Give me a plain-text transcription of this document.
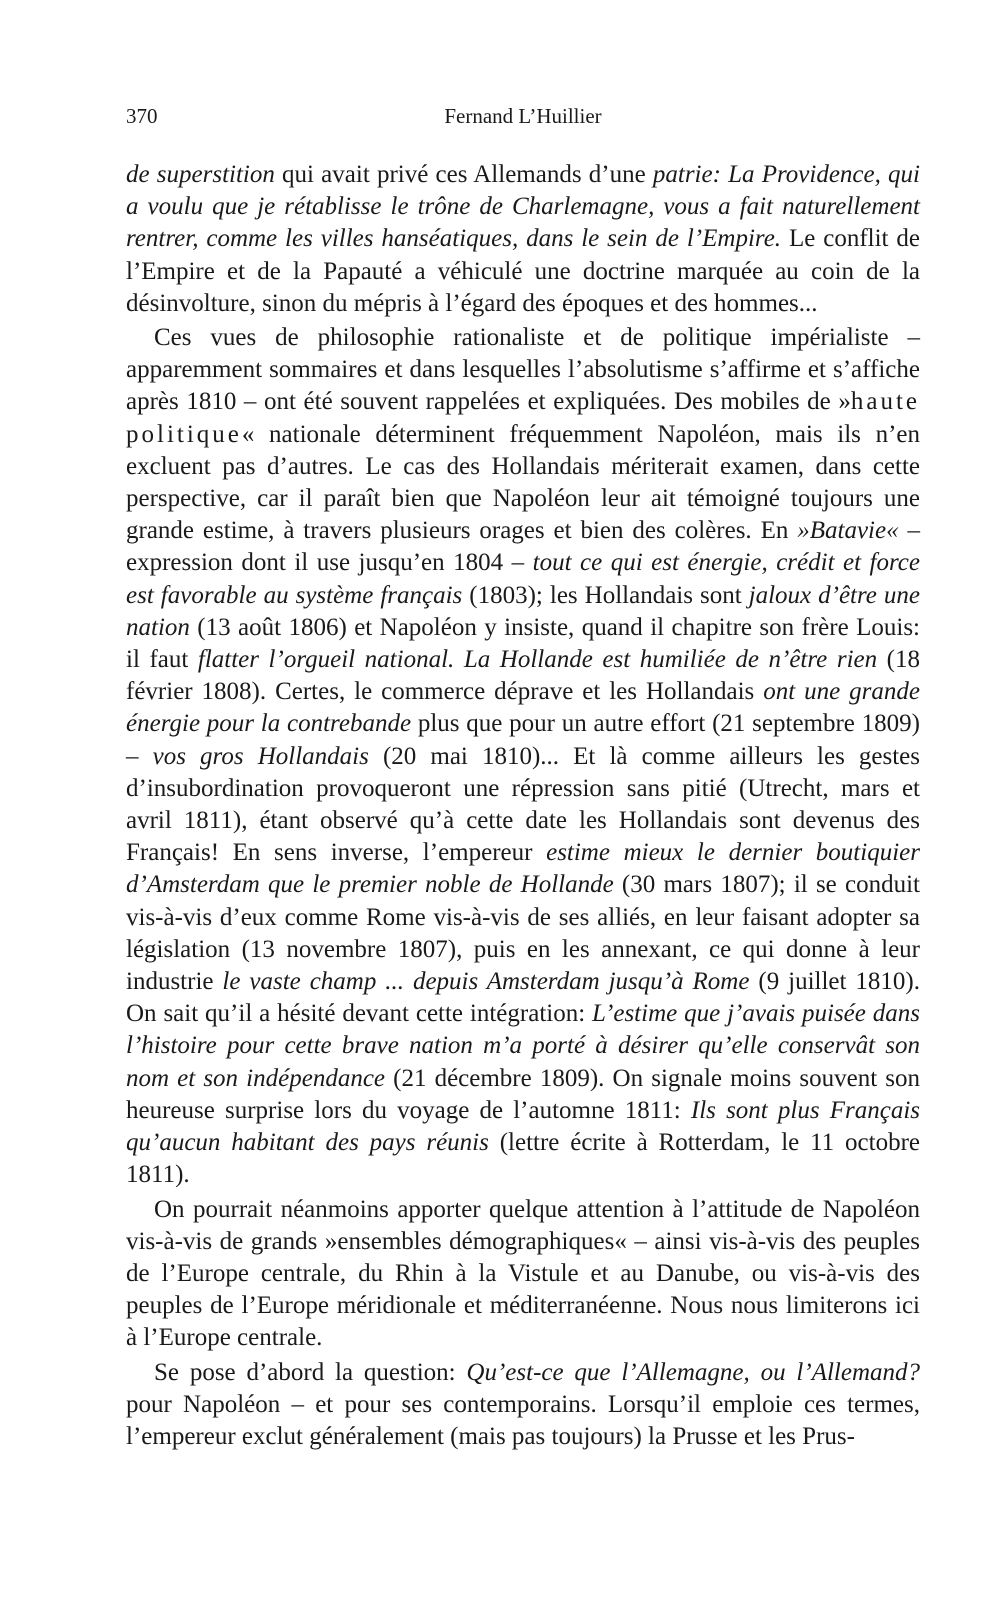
370	Fernand L’Huillier

de superstition qui avait privé ces Allemands d’une patrie: La Providence, qui a voulu que je rétablisse le trône de Charlemagne, vous a fait naturellement rentrer, comme les villes hanséatiques, dans le sein de l’Empire. Le conflit de l’Empire et de la Papauté a véhiculé une doctrine marquée au coin de la désinvolture, sinon du mépris à l’égard des époques et des hommes...

Ces vues de philosophie rationaliste et de politique impérialiste – apparemment sommaires et dans lesquelles l’absolutisme s’affirme et s’affiche après 1810 – ont été souvent rappelées et expliquées. Des mobiles de »haute politique« nationale déterminent fréquemment Napoléon, mais ils n’en excluent pas d’autres. Le cas des Hollandais mériterait examen, dans cette perspective, car il paraît bien que Napoléon leur ait témoigné toujours une grande estime, à travers plusieurs orages et bien des colères. En »Batavie« – expression dont il use jusqu’en 1804 – tout ce qui est énergie, crédit et force est favorable au système français (1803); les Hollandais sont jaloux d’être une nation (13 août 1806) et Napoléon y insiste, quand il chapitre son frère Louis: il faut flatter l’orgueil national. La Hollande est humiliée de n’être rien (18 février 1808). Certes, le commerce déprave et les Hollandais ont une grande énergie pour la contrebande plus que pour un autre effort (21 septembre 1809) – vos gros Hollandais (20 mai 1810)... Et là comme ailleurs les gestes d’insubordination provoqueront une répression sans pitié (Utrecht, mars et avril 1811), étant observé qu’à cette date les Hollandais sont devenus des Français! En sens inverse, l’empereur estime mieux le dernier boutiquier d’Amsterdam que le premier noble de Hollande (30 mars 1807); il se conduit vis-à-vis d’eux comme Rome vis-à-vis de ses alliés, en leur faisant adopter sa législation (13 novembre 1807), puis en les annexant, ce qui donne à leur industrie le vaste champ ... depuis Amsterdam jusqu’à Rome (9 juillet 1810). On sait qu’il a hésité devant cette intégration: L’estime que j’avais puisée dans l’histoire pour cette brave nation m’a porté à désirer qu’elle conservât son nom et son indépendance (21 décembre 1809). On signale moins souvent son heureuse surprise lors du voyage de l’automne 1811: Ils sont plus Français qu’aucun habitant des pays réunis (lettre écrite à Rotterdam, le 11 octobre 1811).

On pourrait néanmoins apporter quelque attention à l’attitude de Napoléon vis-à-vis de grands »ensembles démographiques« – ainsi vis-à-vis des peuples de l’Europe centrale, du Rhin à la Vistule et au Danube, ou vis-à-vis des peuples de l’Europe méridionale et méditerranéenne. Nous nous limiterons ici à l’Europe centrale.

Se pose d’abord la question: Qu’est-ce que l’Allemagne, ou l’Allemand? pour Napoléon – et pour ses contemporains. Lorsqu’il emploie ces termes, l’empereur exclut généralement (mais pas toujours) la Prusse et les Prus-
